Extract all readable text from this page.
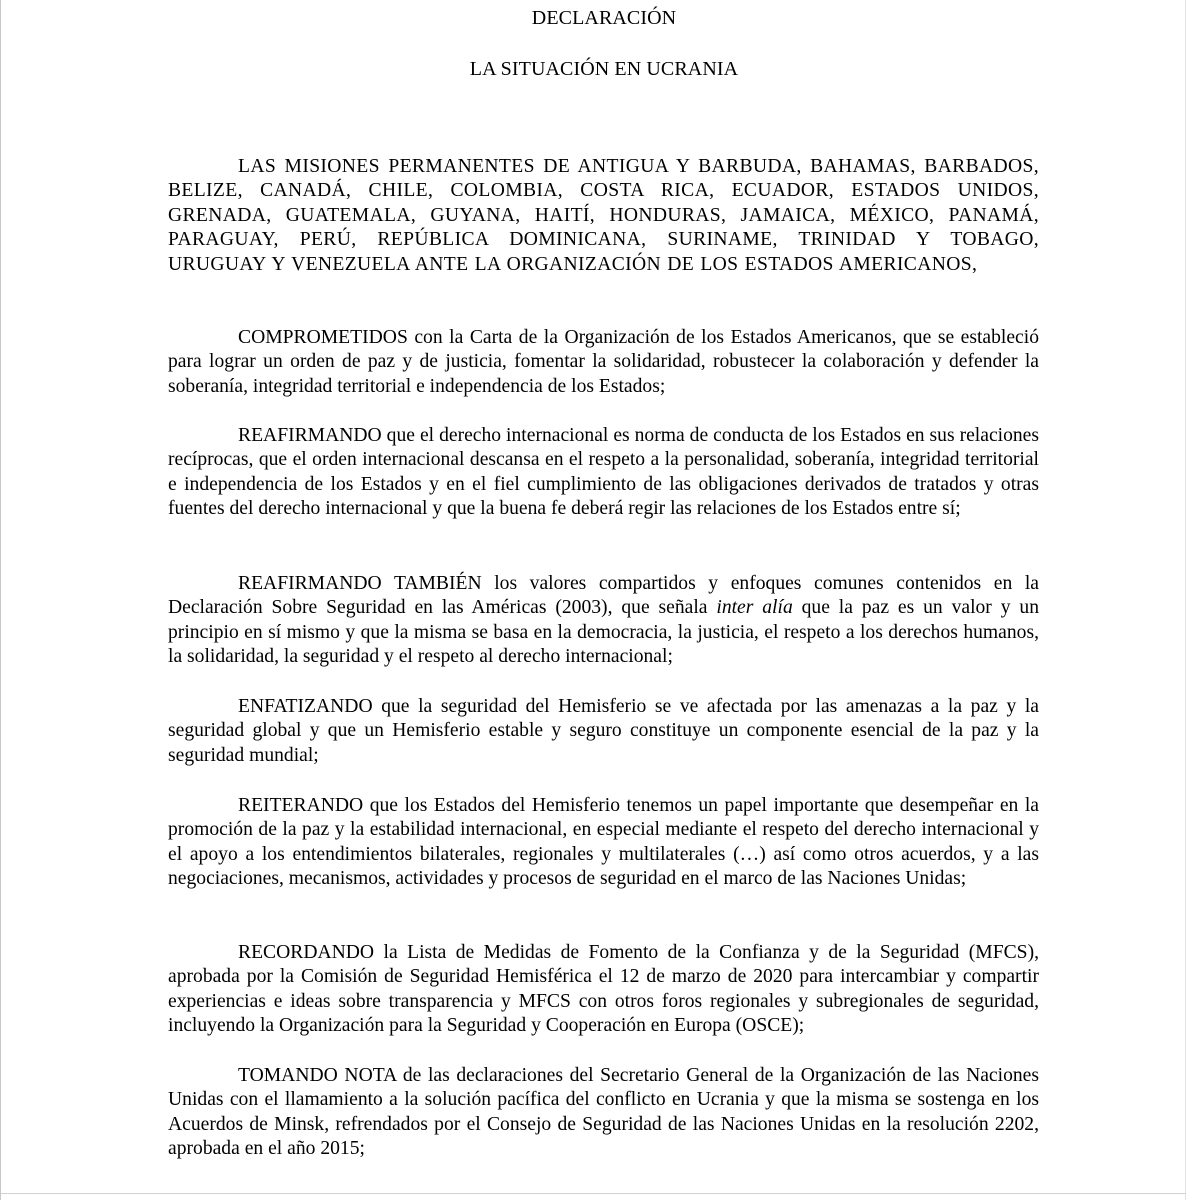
DECLARACIÓN
LA SITUACIÓN EN UCRANIA

LAS MISIONES PERMANENTES DE ANTIGUA Y BARBUDA, BAHAMAS, BARBADOS, BELIZE, CANADÁ, CHILE, COLOMBIA, COSTA RICA, ECUADOR, ESTADOS UNIDOS, GRENADA, GUATEMALA, GUYANA, HAITÍ, HONDURAS, JAMAICA, MÉXICO, PANAMÁ, PARAGUAY, PERÚ, REPÚBLICA DOMINICANA, SURINAME, TRINIDAD Y TOBAGO, URUGUAY Y VENEZUELA ANTE LA ORGANIZACIÓN DE LOS ESTADOS AMERICANOS,

COMPROMETIDOS con la Carta de la Organización de los Estados Americanos, que se estableció para lograr un orden de paz y de justicia, fomentar la solidaridad, robustecer la colaboración y defender la soberanía, integridad territorial e independencia de los Estados;

REAFIRMANDO que el derecho internacional es norma de conducta de los Estados en sus relaciones recíprocas, que el orden internacional descansa en el respeto a la personalidad, soberanía, integridad territorial e independencia de los Estados y en el fiel cumplimiento de las obligaciones derivados de tratados y otras fuentes del derecho internacional y que la buena fe deberá regir las relaciones de los Estados entre sí;

REAFIRMANDO TAMBIÉN los valores compartidos y enfoques comunes contenidos en la Declaración Sobre Seguridad en las Américas (2003), que señala inter alía que la paz es un valor y un principio en sí mismo y que la misma se basa en la democracia, la justicia, el respeto a los derechos humanos, la solidaridad, la seguridad y el respeto al derecho internacional;

ENFATIZANDO que la seguridad del Hemisferio se ve afectada por las amenazas a la paz y la seguridad global y que un Hemisferio estable y seguro constituye un componente esencial de la paz y la seguridad mundial;

REITERANDO que los Estados del Hemisferio tenemos un papel importante que desempeñar en la promoción de la paz y la estabilidad internacional, en especial mediante el respeto del derecho internacional y el apoyo a los entendimientos bilaterales, regionales y multilaterales (…) así como otros acuerdos, y a las negociaciones, mecanismos, actividades y procesos de seguridad en el marco de las Naciones Unidas;

RECORDANDO la Lista de Medidas de Fomento de la Confianza y de la Seguridad (MFCS), aprobada por la Comisión de Seguridad Hemisférica el 12 de marzo de 2020 para intercambiar y compartir experiencias e ideas sobre transparencia y MFCS con otros foros regionales y subregionales de seguridad, incluyendo la Organización para la Seguridad y Cooperación en Europa (OSCE);

TOMANDO NOTA de las declaraciones del Secretario General de la Organización de las Naciones Unidas con el llamamiento a la solución pacífica del conflicto en Ucrania y que la misma se sostenga en los Acuerdos de Minsk, refrendados por el Consejo de Seguridad de las Naciones Unidas en la resolución 2202, aprobada en el año 2015;
